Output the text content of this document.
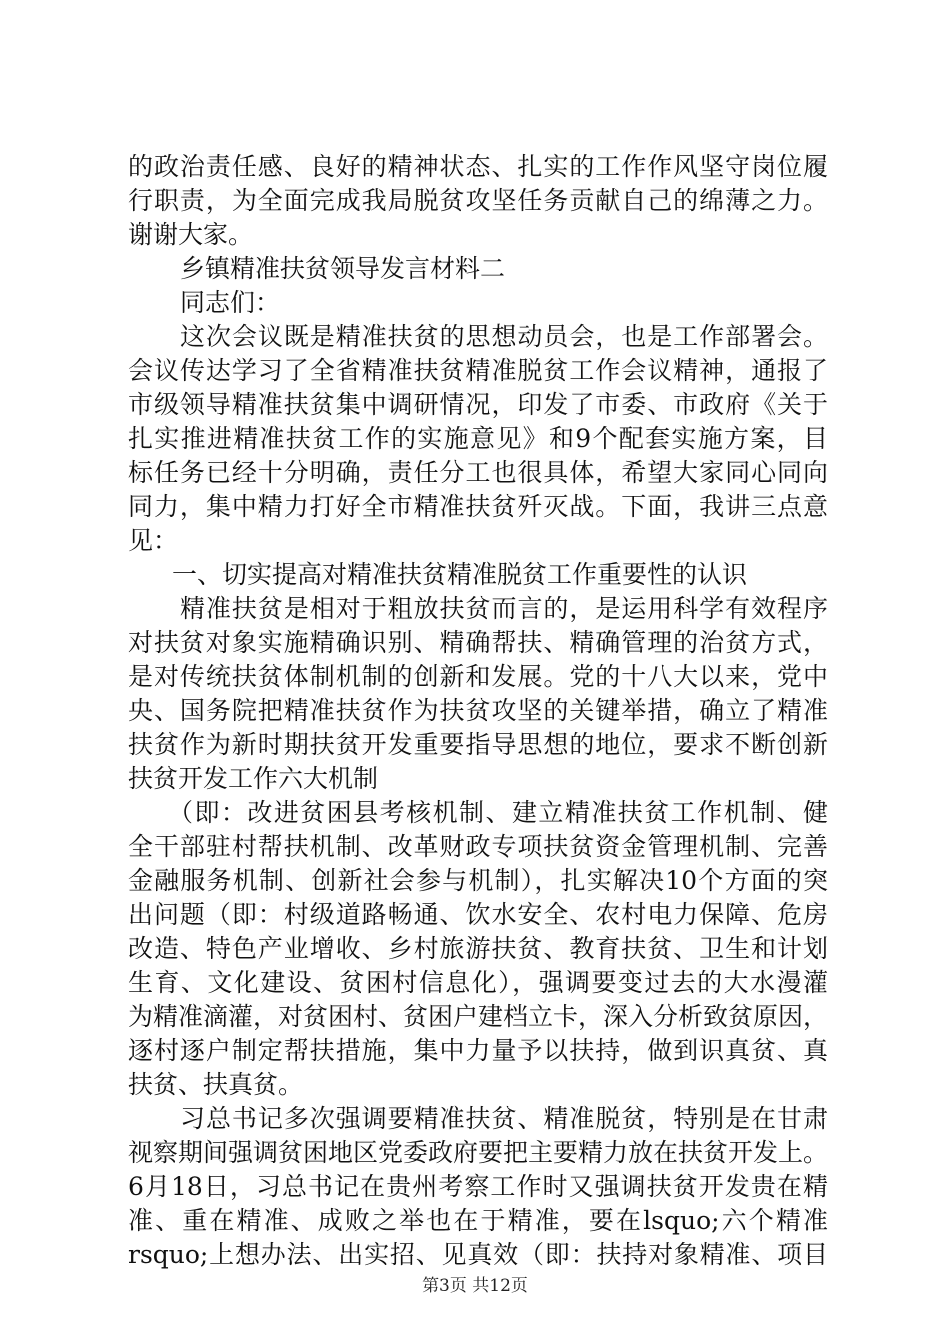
的政治责任感、良好的精神状态、扎实的工作作风坚守岗位履
行职责，为全面完成我局脱贫攻坚任务贡献自己的绵薄之力。
谢谢大家。
乡镇精准扶贫领导发言材料二
同志们：
这次会议既是精准扶贫的思想动员会，也是工作部署会。
会议传达学习了全省精准扶贫精准脱贫工作会议精神，通报了
市级领导精准扶贫集中调研情况，印发了市委、市政府《关于
扎实推进精准扶贫工作的实施意见》和9个配套实施方案，目
标任务已经十分明确，责任分工也很具体，希望大家同心同向
同力，集中精力打好全市精准扶贫歼灭战。下面，我讲三点意
见：
一、切实提高对精准扶贫精准脱贫工作重要性的认识
精准扶贫是相对于粗放扶贫而言的，是运用科学有效程序
对扶贫对象实施精确识别、精确帮扶、精确管理的治贫方式，
是对传统扶贫体制机制的创新和发展。党的十八大以来，党中
央、国务院把精准扶贫作为扶贫攻坚的关键举措，确立了精准
扶贫作为新时期扶贫开发重要指导思想的地位，要求不断创新
扶贫开发工作六大机制
（即：改进贫困县考核机制、建立精准扶贫工作机制、健
全干部驻村帮扶机制、改革财政专项扶贫资金管理机制、完善
金融服务机制、创新社会参与机制），扎实解决10个方面的突
出问题（即：村级道路畅通、饮水安全、农村电力保障、危房
改造、特色产业增收、乡村旅游扶贫、教育扶贫、卫生和计划
生育、文化建设、贫困村信息化），强调要变过去的大水漫灌
为精准滴灌，对贫困村、贫困户建档立卡，深入分析致贫原因，
逐村逐户制定帮扶措施，集中力量予以扶持，做到识真贫、真
扶贫、扶真贫。
习总书记多次强调要精准扶贫、精准脱贫，特别是在甘肃
视察期间强调贫困地区党委政府要把主要精力放在扶贫开发上。
6月18日，习总书记在贵州考察工作时又强调扶贫开发贵在精
准、重在精准、成败之举也在于精准，要在lsquo;六个精准
rsquo;上想办法、出实招、见真效（即：扶持对象精准、项目
第3页 共12页
